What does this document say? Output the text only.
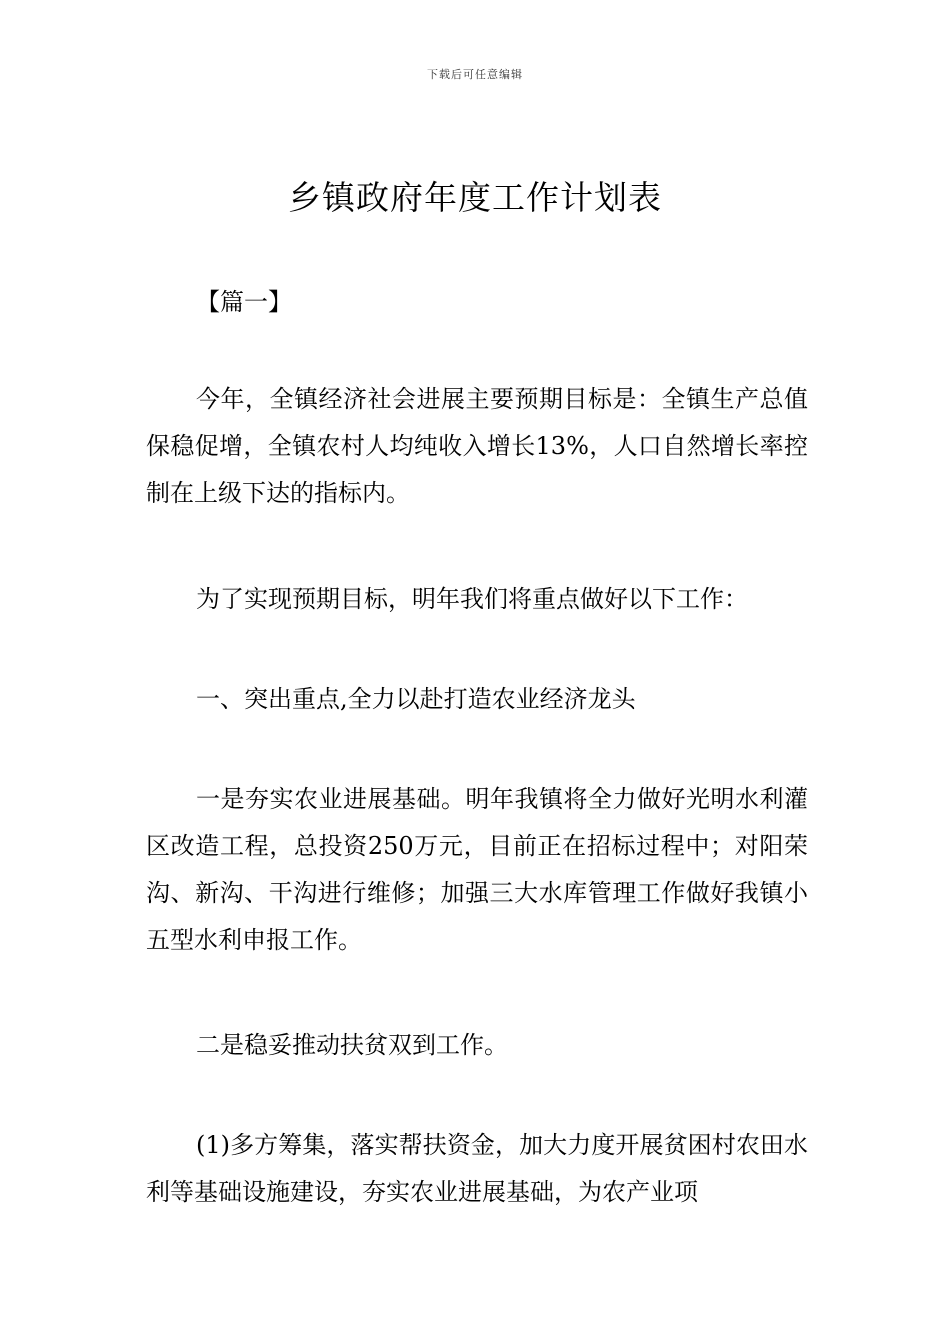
下载后可任意编辑
乡镇政府年度工作计划表
【篇一】

今年，全镇经济社会进展主要预期目标是：全镇生产总值保稳促增，全镇农村人均纯收入增长13%，人口自然增长率控制在上级下达的指标内。

为了实现预期目标，明年我们将重点做好以下工作：

一、突出重点,全力以赴打造农业经济龙头

一是夯实农业进展基础。明年我镇将全力做好光明水利灌区改造工程，总投资250万元，目前正在招标过程中；对阳荣沟、新沟、干沟进行维修；加强三大水库管理工作做好我镇小五型水利申报工作。

二是稳妥推动扶贫双到工作。

(1)多方筹集，落实帮扶资金，加大力度开展贫困村农田水利等基础设施建设，夯实农业进展基础，为农产业项
